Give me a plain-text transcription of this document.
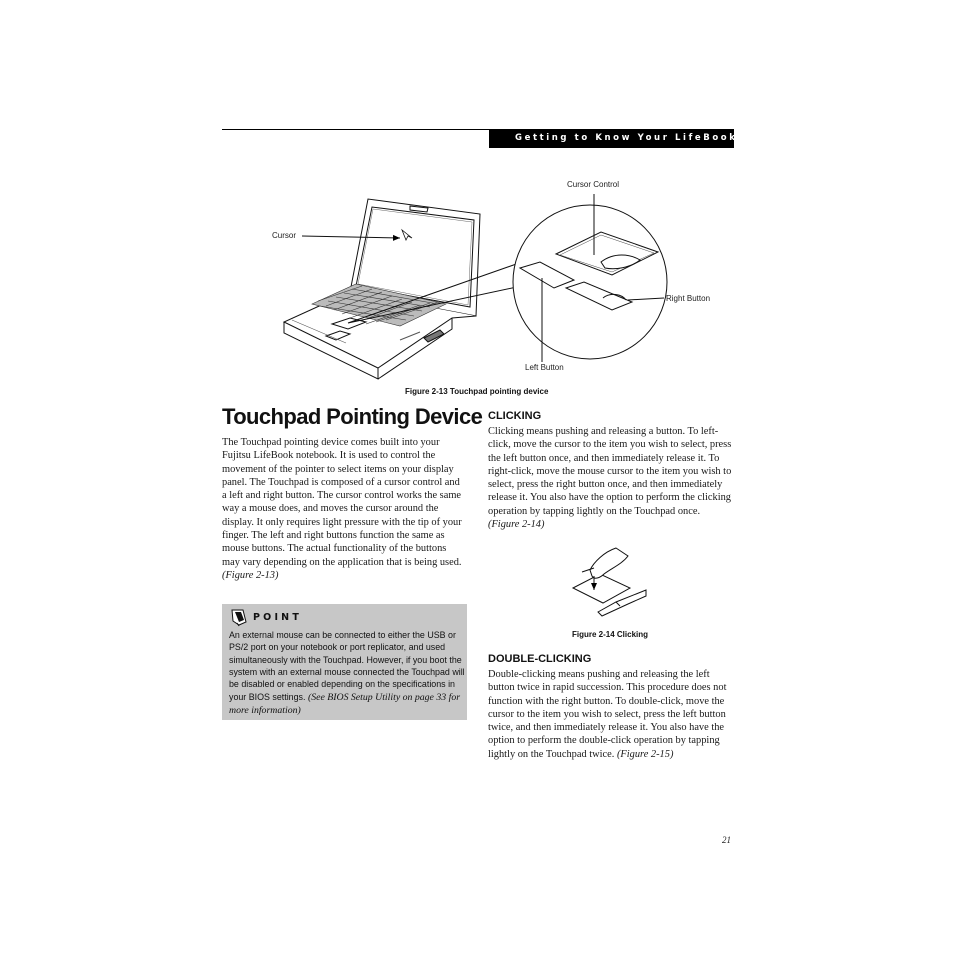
Getting to Know Your LifeBook
Cursor
Cursor Control
Right Button
Left Button
Figure 2-13 Touchpad pointing device
Touchpad Pointing Device

The Touchpad pointing device comes built into your Fujitsu LifeBook notebook. It is used to control the movement of the pointer to select items on your display panel. The Touchpad is composed of a cursor control and a left and right button. The cursor control works the same way a mouse does, and moves the cursor around the display. It only requires light pressure with the tip of your finger. The left and right buttons function the same as mouse buttons. The actual functionality of the buttons may vary depending on the application that is being used. (Figure 2-13)

POINT

An external mouse can be connected to either the USB or PS/2 port on your notebook or port replicator, and used simultaneously with the Touchpad. However, if you boot the system with an external mouse connected the Touchpad will be disabled or enabled depending on the specifications in your BIOS settings. (See BIOS Setup Utility on page 33 for more information)

CLICKING

Clicking means pushing and releasing a button. To left-click, move the cursor to the item you wish to select, press the left button once, and then immediately release it. To right-click, move the mouse cursor to the item you wish to select, press the right button once, and then immediately release it. You also have the option to perform the clicking operation by tapping lightly on the Touchpad once. (Figure 2-14)

Figure 2-14 Clicking
DOUBLE-CLICKING

Double-clicking means pushing and releasing the left button twice in rapid succession. This procedure does not function with the right button. To double-click, move the cursor to the item you wish to select, press the left button twice, and then immediately release it. You also have the option to perform the double-click operation by tapping lightly on the Touchpad twice. (Figure 2-15)

21
